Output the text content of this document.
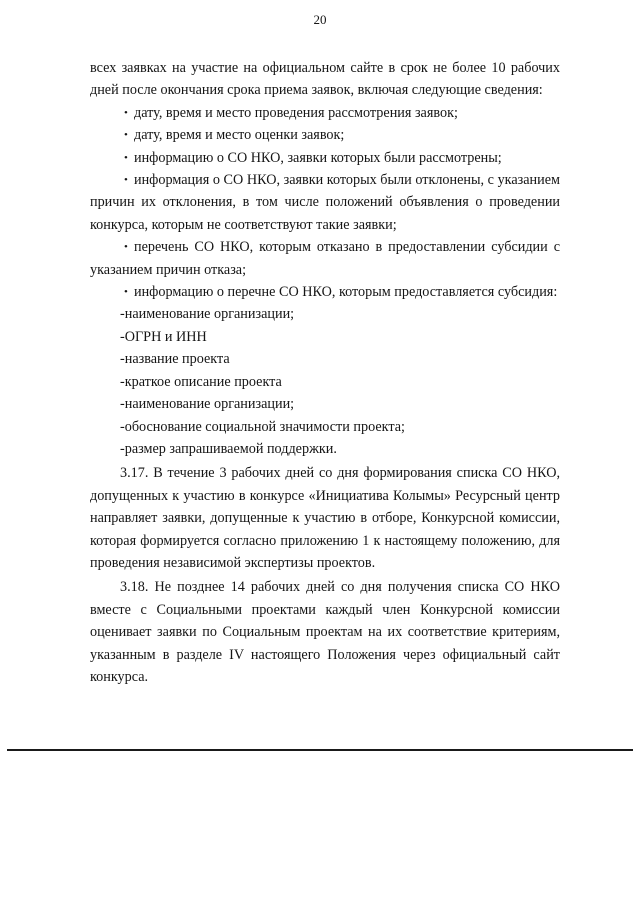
20

всех заявках на участие на официальном сайте в срок не более 10 рабочих дней после окончания срока приема заявок, включая следующие сведения:

• дату, время и место проведения рассмотрения заявок;

• дату, время и место оценки заявок;

• информацию о СО НКО, заявки которых были рассмотрены;

• информация о СО НКО, заявки которых были отклонены, с указанием причин их отклонения, в том числе положений объявления о проведении конкурса, которым не соответствуют такие заявки;

• перечень СО НКО, которым отказано в предоставлении субсидии с указанием причин отказа;

• информацию о перечне СО НКО, которым предоставляется субсидия:

-наименование организации;

-ОГРН и ИНН

-название проекта

-краткое описание проекта

-наименование организации;

-обоснование социальной значимости проекта;

-размер запрашиваемой поддержки.

3.17. В течение 3 рабочих дней со дня формирования списка СО НКО, допущенных к участию в конкурсе «Инициатива Колымы» Ресурсный центр направляет заявки, допущенные к участию в отборе, Конкурсной комиссии, которая формируется согласно приложению 1 к настоящему положению, для проведения независимой экспертизы проектов.

3.18. Не позднее 14 рабочих дней со дня получения списка СО НКО вместе с Социальными проектами каждый член Конкурсной комиссии оценивает заявки по Социальным проектам на их соответствие критериям, указанным в разделе IV настоящего Положения через официальный сайт конкурса.
